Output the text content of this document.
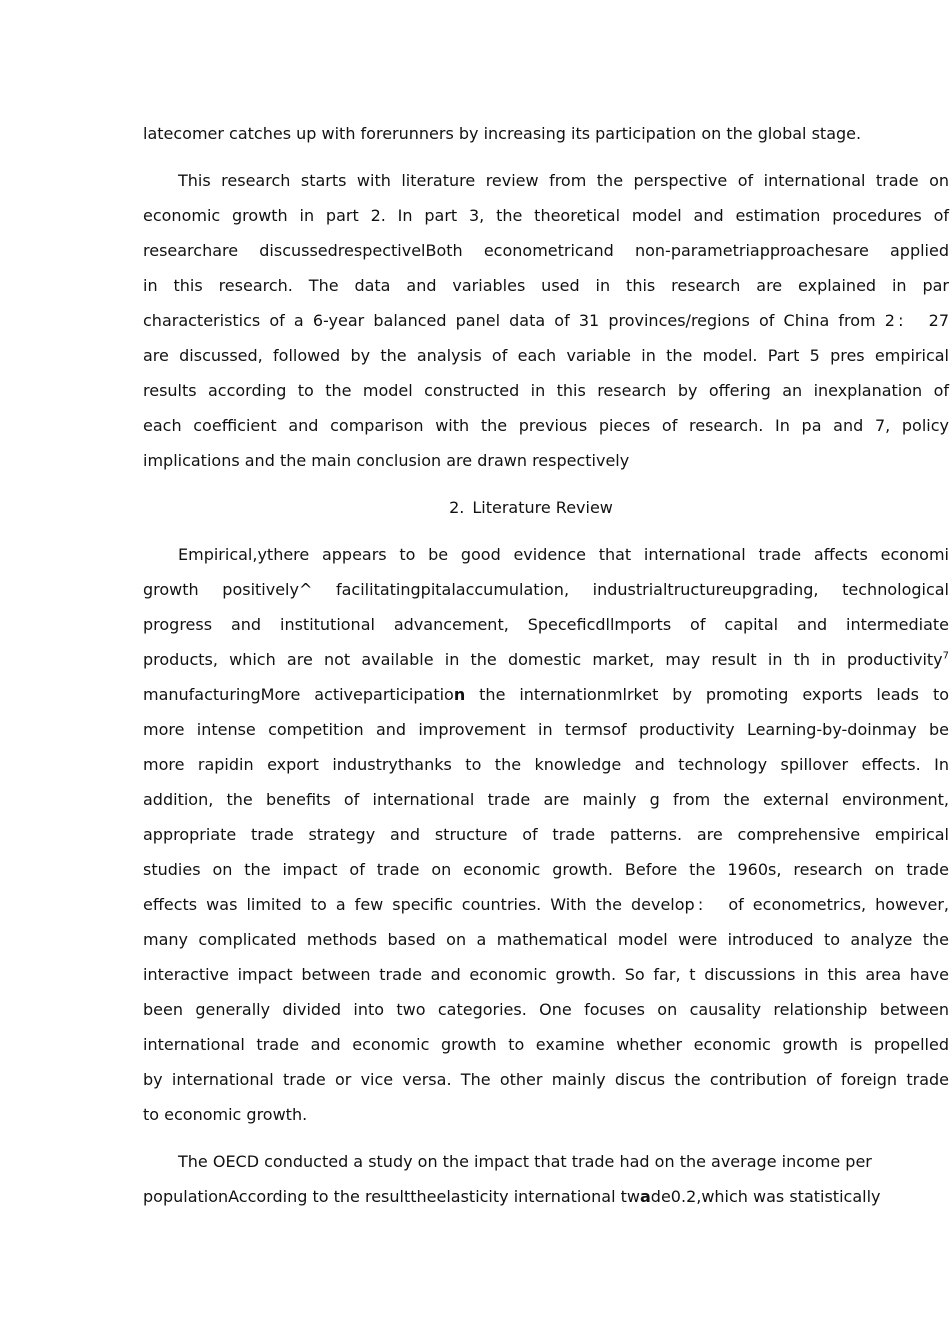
latecomer catches up with forerunners by increasing its participation on the global stage.
This research starts with literature review from the perspective of international trade on
economic growth in part 2. In part 3, the theoretical model and estimation procedures of
researchare discussedrespectivelBoth econometricand non-parametriapproachesare applied
in this research. The data and variables used in this research are explained in par
characteristics of a 6-year balanced panel data of 31 provinces/regions of China from 2 :  27
are discussed, followed by the analysis of each variable in the model. Part 5 pres empirical
results according to the model constructed in this research by offering an inexplanation of
each coefficient and comparison with the previous pieces of research. In pa and 7, policy
implications and the main conclusion are drawn respectively
2. Literature Review
Empirical,ythere appears to be good evidence that international trade affects economi
growth positively^ facilitatingpitalaccumulation, industrialtructureupgrading, technological
progress and institutional advancement, Speceficdllmports of capital and intermediate
products, which are not available in the domestic market, may result in th in productivity$^7$
manufacturingMore activeparticipation the internationmlrket by promoting exports leads to
more intense competition and improvement in termsof productivity Learning-by-doinmay be
more rapidin export industrythanks to the knowledge and technology spillover effects. In
addition, the benefits of international trade are mainly g from the external environment,
appropriate trade strategy and structure of trade patterns. are comprehensive empirical
studies on the impact of trade on economic growth. Before the 1960s, research on trade
effects was limited to a few specific countries. With the develop :  of econometrics, however,
many complicated methods based on a mathematical model were introduced to analyze the
interactive impact between trade and economic growth. So far, t discussions in this area have
been generally divided into two categories. One focuses on causality relationship between
international trade and economic growth to examine whether economic growth is propelled
by international trade or vice versa. The other mainly discus the contribution of foreign trade
to economic growth.
The OECD conducted a study on the impact that trade had on the average income per
populationAccording to the resulttheelasticity international twade0.2,which was statistically
